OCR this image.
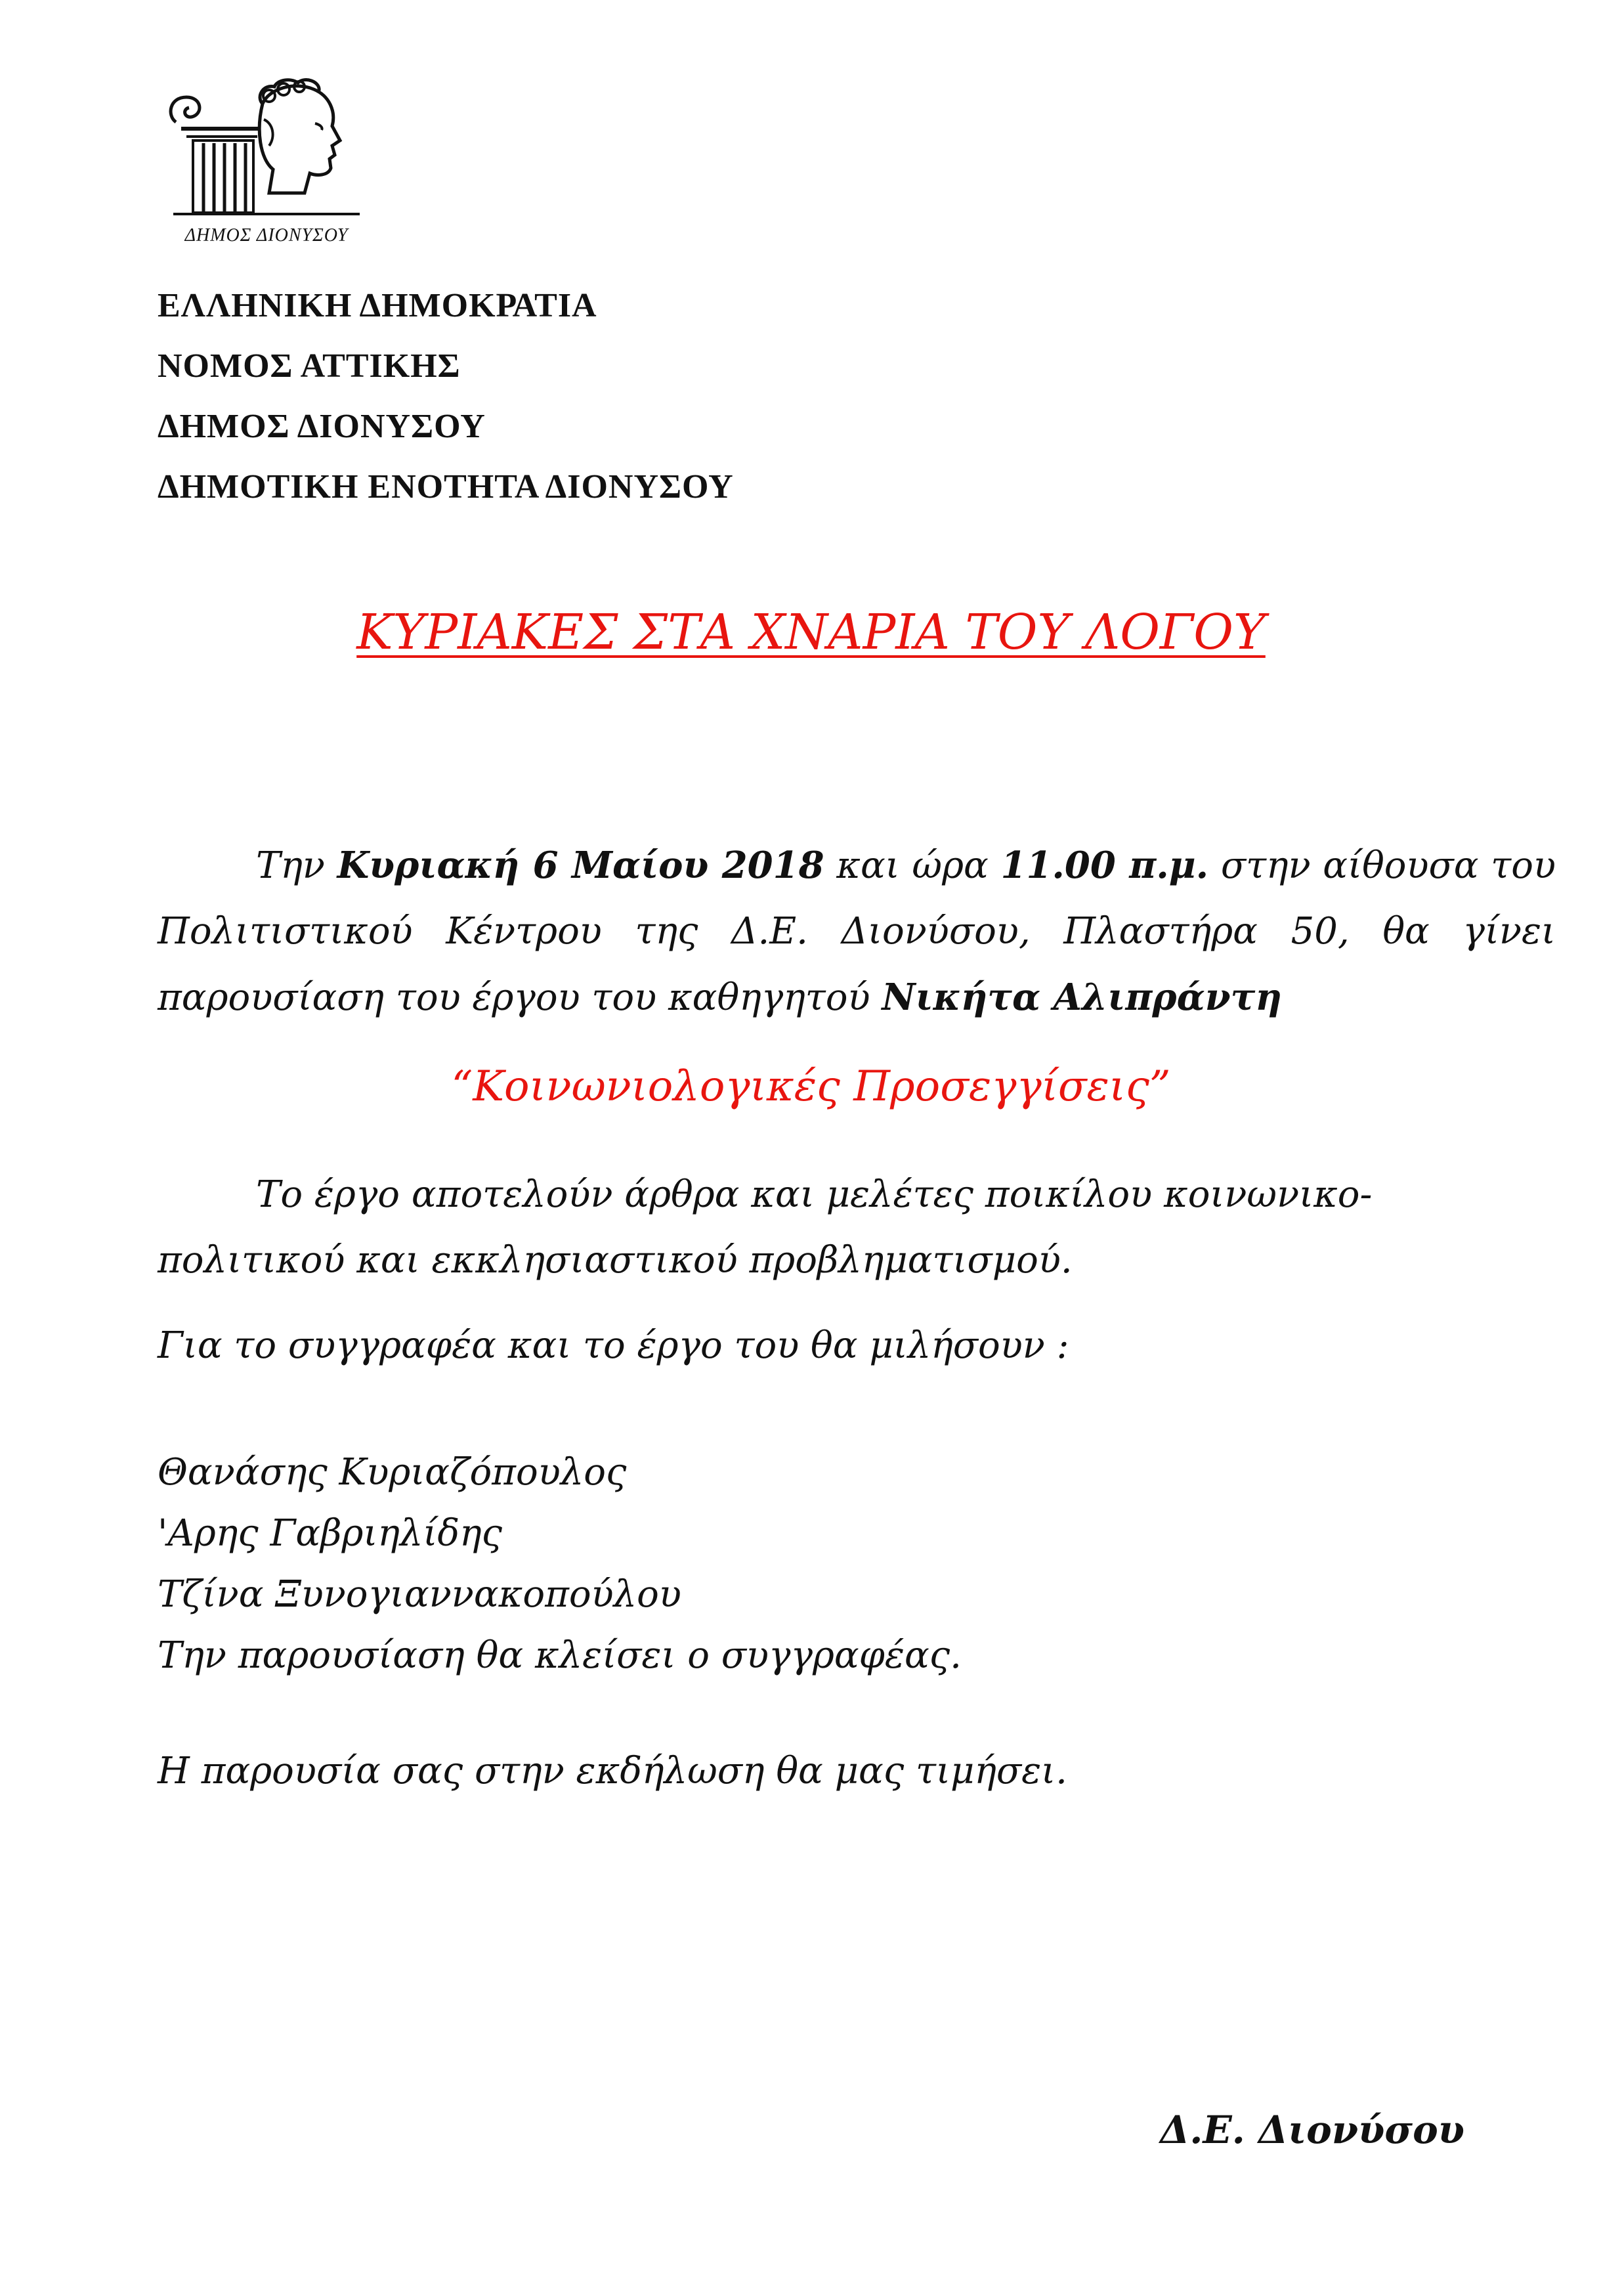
ΔΗΜΟΣ ΔΙΟΝΥΣΟΥ
ΕΛΛΗΝΙΚΗ ΔΗΜΟΚΡΑΤΙΑ
ΝΟΜΟΣ ΑΤΤΙΚΗΣ
ΔΗΜΟΣ ΔΙΟΝΥΣΟΥ
ΔΗΜΟΤΙΚΗ ΕΝΟΤΗΤΑ ΔΙΟΝΥΣΟΥ
ΚΥΡΙΑΚΕΣ ΣΤΑ ΧΝΑΡΙΑ ΤΟΥ ΛΟΓΟΥ
Την Κυριακή 6 Μαίου 2018 και ώρα 11.00 π.μ. στην αίθουσα του Πολιτιστικού Κέντρου της Δ.Ε. Διονύσου, Πλαστήρα 50, θα γίνει παρουσίαση του έργου του καθηγητού Νικήτα Αλιπράντη
“Κοινωνιολογικές Προσεγγίσεις”
Το έργο αποτελούν άρθρα και μελέτες ποικίλου κοινωνικο-πολιτικού και εκκλησιαστικού προβληματισμού.
Για το συγγραφέα και το έργο του θα μιλήσουν :
Θανάσης Κυριαζόπουλος
'Αρης Γαβριηλίδης
Τζίνα Ξυνογιαννακοπούλου
Την παρουσίαση θα κλείσει ο συγγραφέας.
Η παρουσία σας στην εκδήλωση θα μας τιμήσει.
Δ.Ε. Διονύσου
